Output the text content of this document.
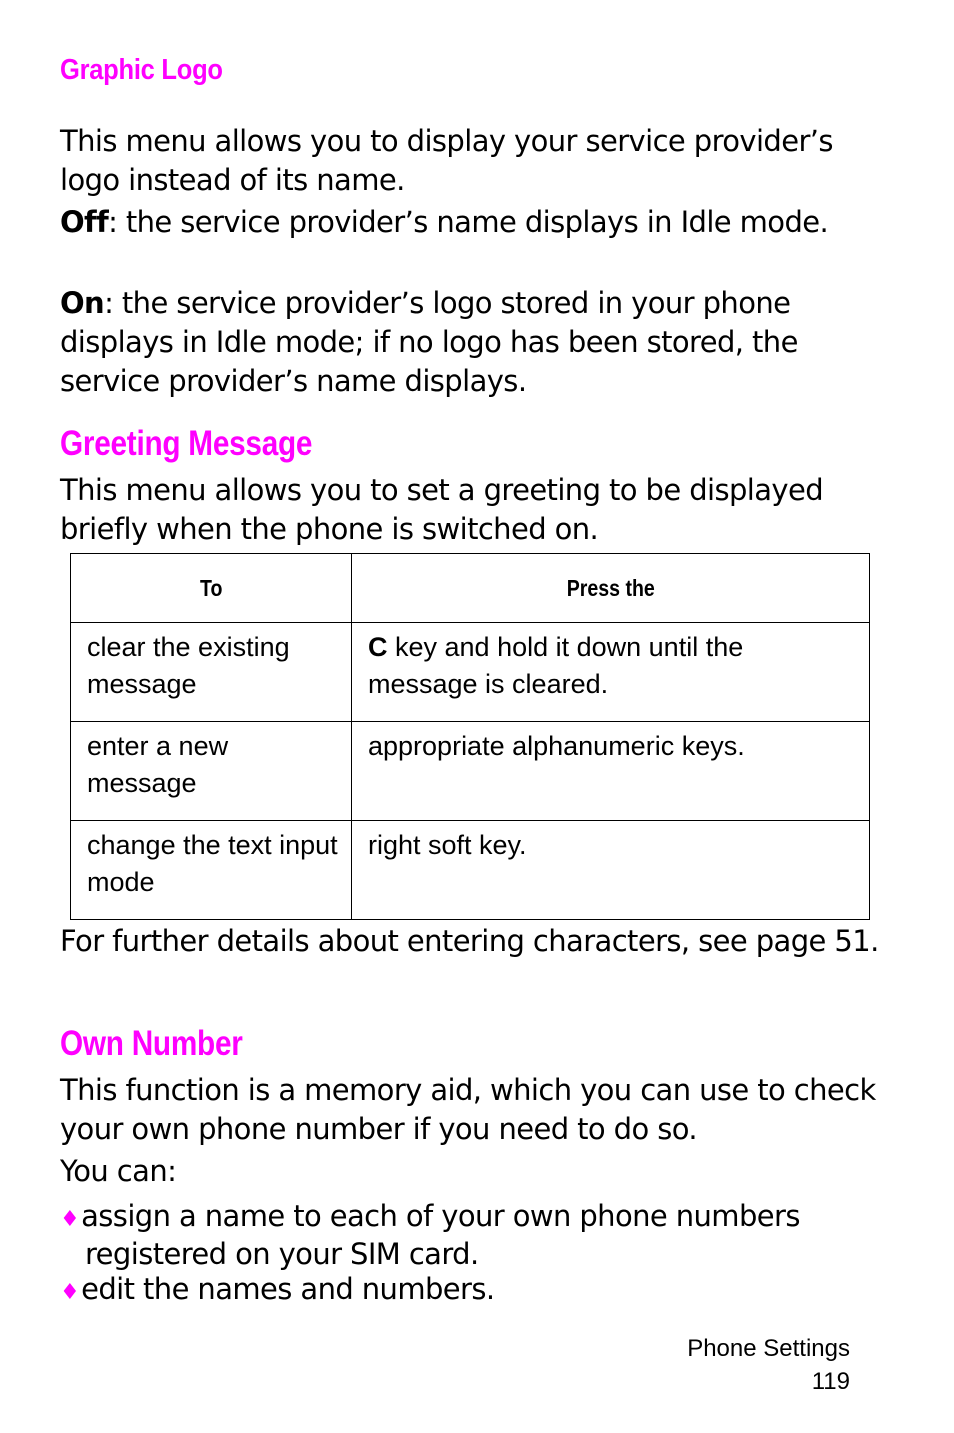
Graphic Logo
This menu allows you to display your service provider’s logo instead of its name.
Off: the service provider’s name displays in Idle mode.
On: the service provider’s logo stored in your phone displays in Idle mode; if no logo has been stored, the service provider’s name displays.
Greeting Message
This menu allows you to set a greeting to be displayed briefly when the phone is switched on.
To	Press the
clear the existing message	C key and hold it down until the message is cleared.
enter a new message	appropriate alphanumeric keys.
change the text input mode	right soft key.
For further details about entering characters, see page 51.
Own Number
This function is a memory aid, which you can use to check your own phone number if you need to do so.
You can:
♦assign a name to each of your own phone numbers registered on your SIM card.
♦edit the names and numbers.
Phone Settings
119
